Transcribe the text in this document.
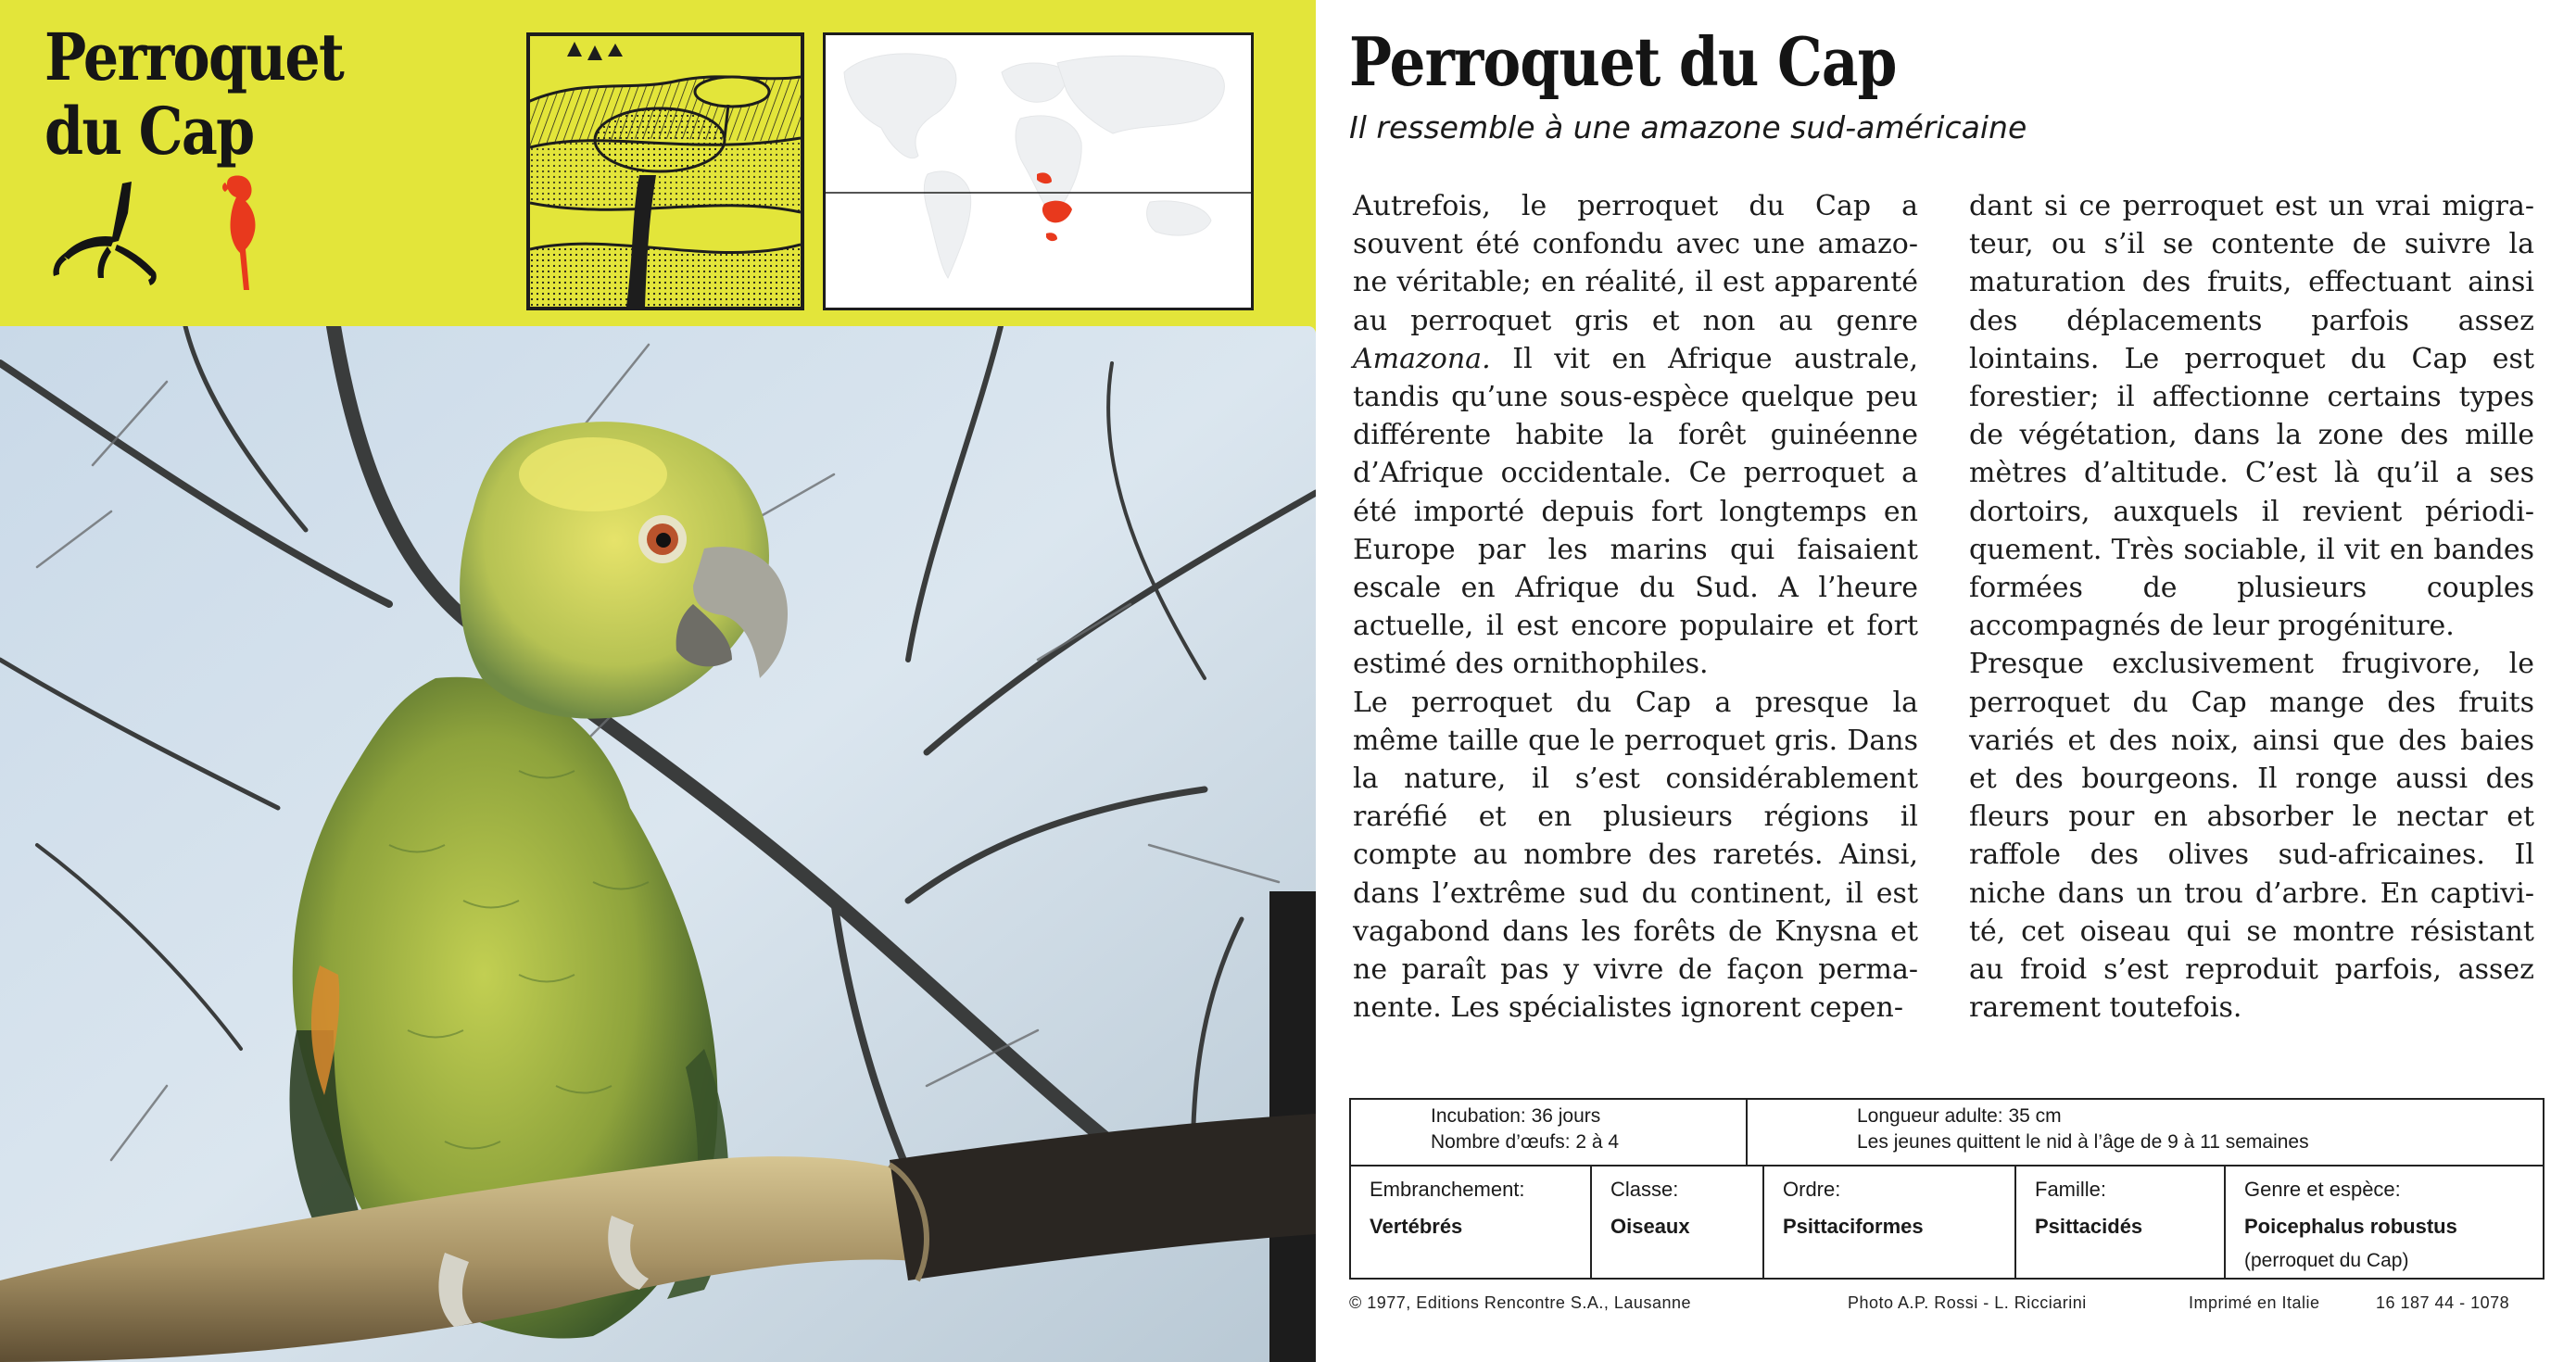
Perroquet
du Cap
Perroquet du Cap

Il ressemble à une amazone sud-américaine

Autrefois, le perroquet du Cap a souvent été confondu avec une amazone véritable; en réalité, il est apparenté au perroquet gris et non au genre Amazona. Il vit en Afrique australe, tandis qu’une sous-espèce quelque peu différente habite la forêt guinéenne d’Afrique occidentale. Ce perroquet a été importé depuis fort longtemps en Europe par les marins qui faisaient escale en Afrique du Sud. A l’heure actuelle, il est encore populaire et fort estimé des ornithophiles.

Le perroquet du Cap a presque la même taille que le perroquet gris. Dans la nature, il s’est considérablement raréfié et en plusieurs régions il compte au nombre des raretés. Ainsi, dans l’extrême sud du continent, il est vagabond dans les forêts de Knysna et ne paraît pas y vivre de façon permanente. Les spécialistes ignorent cepen-

dant si ce perroquet est un vrai migrateur, ou s’il se contente de suivre la maturation des fruits, effectuant ainsi des déplacements parfois assez lointains. Le perroquet du Cap est forestier; il affectionne certains types de végétation, dans la zone des mille mètres d’altitude. C’est là qu’il a ses dortoirs, auxquels il revient périodiquement. Très sociable, il vit en bandes formées de plusieurs couples accompagnés de leur progéniture.

Presque exclusivement frugivore, le perroquet du Cap mange des fruits variés et des noix, ainsi que des baies et des bourgeons. Il ronge aussi des fleurs pour en absorber le nectar et raffole des olives sud-africaines. Il niche dans un trou d’arbre. En captivité, cet oiseau qui se montre résistant au froid s’est reproduit parfois, assez rarement toutefois.

Incubation: 36 jours
Nombre d’œufs: 2 à 4
Longueur adulte: 35 cm
Les jeunes quittent le nid à l’âge de 9 à 11 semaines
Embranchement:
Vertébrés
Classe:
Oiseaux
Ordre:
Psittaciformes
Famille:
Psittacidés
Genre et espèce:
Poicephalus robustus
(perroquet du Cap)
© 1977, Editions Rencontre S.A., Lausanne	Photo A.P. Rossi - L. Ricciarini	Imprimé en Italie	16 187 44 - 1078
